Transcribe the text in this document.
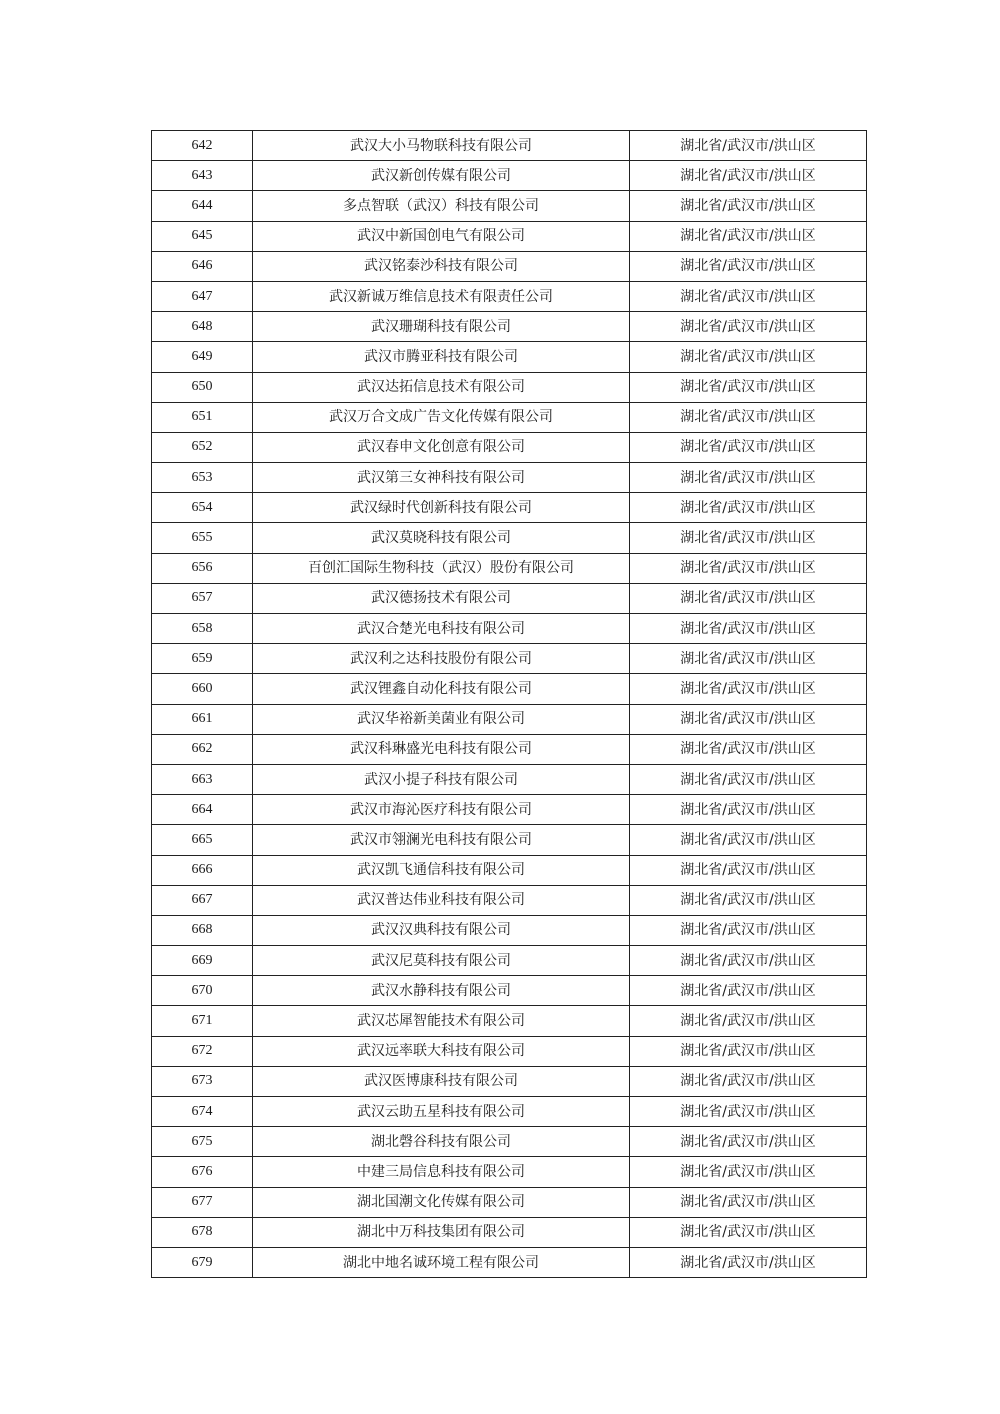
642	武汉大小马物联科技有限公司	湖北省/武汉市/洪山区
643	武汉新创传媒有限公司	湖北省/武汉市/洪山区
644	多点智联（武汉）科技有限公司	湖北省/武汉市/洪山区
645	武汉中新国创电气有限公司	湖北省/武汉市/洪山区
646	武汉铭泰沙科技有限公司	湖北省/武汉市/洪山区
647	武汉新诚万维信息技术有限责任公司	湖北省/武汉市/洪山区
648	武汉珊瑚科技有限公司	湖北省/武汉市/洪山区
649	武汉市腾亚科技有限公司	湖北省/武汉市/洪山区
650	武汉达拓信息技术有限公司	湖北省/武汉市/洪山区
651	武汉万合文成广告文化传媒有限公司	湖北省/武汉市/洪山区
652	武汉春申文化创意有限公司	湖北省/武汉市/洪山区
653	武汉第三女神科技有限公司	湖北省/武汉市/洪山区
654	武汉绿时代创新科技有限公司	湖北省/武汉市/洪山区
655	武汉莫晓科技有限公司	湖北省/武汉市/洪山区
656	百创汇国际生物科技（武汉）股份有限公司	湖北省/武汉市/洪山区
657	武汉德扬技术有限公司	湖北省/武汉市/洪山区
658	武汉合楚光电科技有限公司	湖北省/武汉市/洪山区
659	武汉利之达科技股份有限公司	湖北省/武汉市/洪山区
660	武汉锂鑫自动化科技有限公司	湖北省/武汉市/洪山区
661	武汉华裕新美菌业有限公司	湖北省/武汉市/洪山区
662	武汉科琳盛光电科技有限公司	湖北省/武汉市/洪山区
663	武汉小提子科技有限公司	湖北省/武汉市/洪山区
664	武汉市海沁医疗科技有限公司	湖北省/武汉市/洪山区
665	武汉市翎澜光电科技有限公司	湖北省/武汉市/洪山区
666	武汉凯飞通信科技有限公司	湖北省/武汉市/洪山区
667	武汉普达伟业科技有限公司	湖北省/武汉市/洪山区
668	武汉汉典科技有限公司	湖北省/武汉市/洪山区
669	武汉尼莫科技有限公司	湖北省/武汉市/洪山区
670	武汉水静科技有限公司	湖北省/武汉市/洪山区
671	武汉芯犀智能技术有限公司	湖北省/武汉市/洪山区
672	武汉远率联大科技有限公司	湖北省/武汉市/洪山区
673	武汉医博康科技有限公司	湖北省/武汉市/洪山区
674	武汉云助五星科技有限公司	湖北省/武汉市/洪山区
675	湖北磬谷科技有限公司	湖北省/武汉市/洪山区
676	中建三局信息科技有限公司	湖北省/武汉市/洪山区
677	湖北国潮文化传媒有限公司	湖北省/武汉市/洪山区
678	湖北中万科技集团有限公司	湖北省/武汉市/洪山区
679	湖北中地名诚环境工程有限公司	湖北省/武汉市/洪山区
